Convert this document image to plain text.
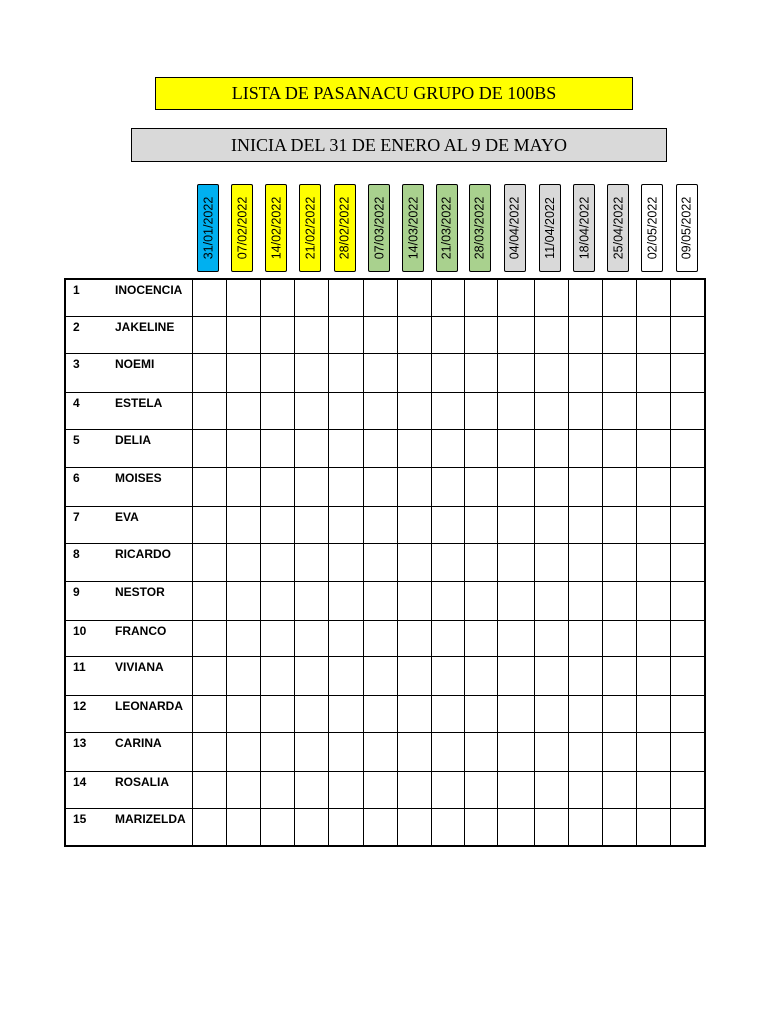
LISTA DE PASANACU GRUPO DE 100BS
INICIA DEL 31 DE ENERO AL 9 DE MAYO
31/01/2022 07/02/2022 14/02/2022 21/02/2022 28/02/2022 07/03/2022 14/03/2022 21/03/2022 28/03/2022 04/04/2022 11/04/2022 18/04/2022 25/04/2022 02/05/2022 09/05/2022
1	INOCENCIA															
2	JAKELINE															
3	NOEMI															
4	ESTELA															
5	DELIA															
6	MOISES															
7	EVA															
8	RICARDO															
9	NESTOR															
10	FRANCO															
11	VIVIANA															
12	LEONARDA															
13	CARINA															
14	ROSALIA															
15	MARIZELDA															
